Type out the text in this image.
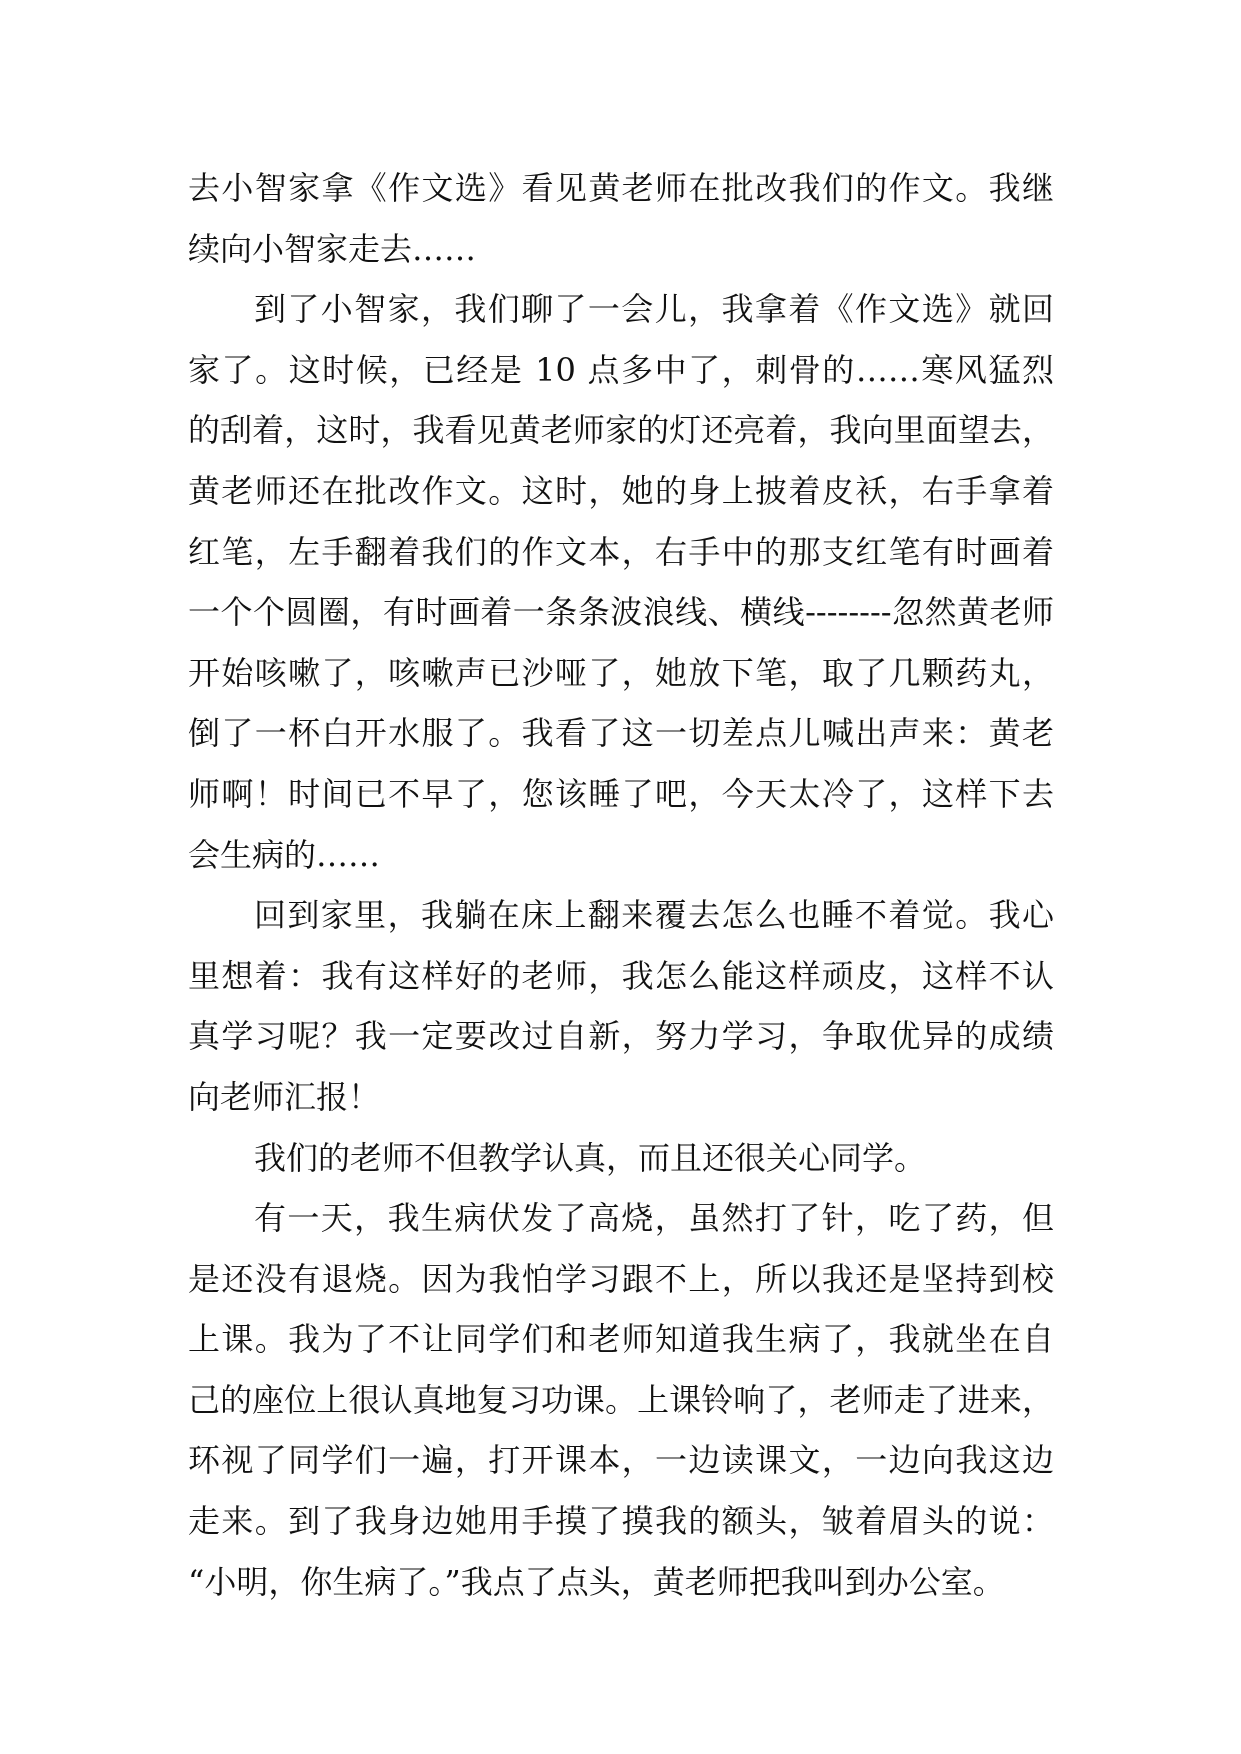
去小智家拿《作文选》看见黄老师在批改我们的作文。我继
续向小智家走去……
到了小智家，我们聊了一会儿，我拿着《作文选》就回
家了。这时候，已经是 10 点多中了，刺骨的……寒风猛烈
的刮着，这时，我看见黄老师家的灯还亮着，我向里面望去，
黄老师还在批改作文。这时，她的身上披着皮袄，右手拿着
红笔，左手翻着我们的作文本，右手中的那支红笔有时画着
一个个圆圈，有时画着一条条波浪线、横线--------忽然黄老师
开始咳嗽了，咳嗽声已沙哑了，她放下笔，取了几颗药丸，
倒了一杯白开水服了。我看了这一切差点儿喊出声来：黄老
师啊！时间已不早了，您该睡了吧，今天太冷了，这样下去
会生病的……
回到家里，我躺在床上翻来覆去怎么也睡不着觉。我心
里想着：我有这样好的老师，我怎么能这样顽皮，这样不认
真学习呢？我一定要改过自新，努力学习，争取优异的成绩
向老师汇报！
我们的老师不但教学认真，而且还很关心同学。
有一天，我生病伏发了高烧，虽然打了针，吃了药，但
是还没有退烧。因为我怕学习跟不上，所以我还是坚持到校
上课。我为了不让同学们和老师知道我生病了，我就坐在自
己的座位上很认真地复习功课。上课铃响了，老师走了进来，
环视了同学们一遍，打开课本，一边读课文，一边向我这边
走来。到了我身边她用手摸了摸我的额头，皱着眉头的说：
“小明，你生病了。”我点了点头，黄老师把我叫到办公室。
